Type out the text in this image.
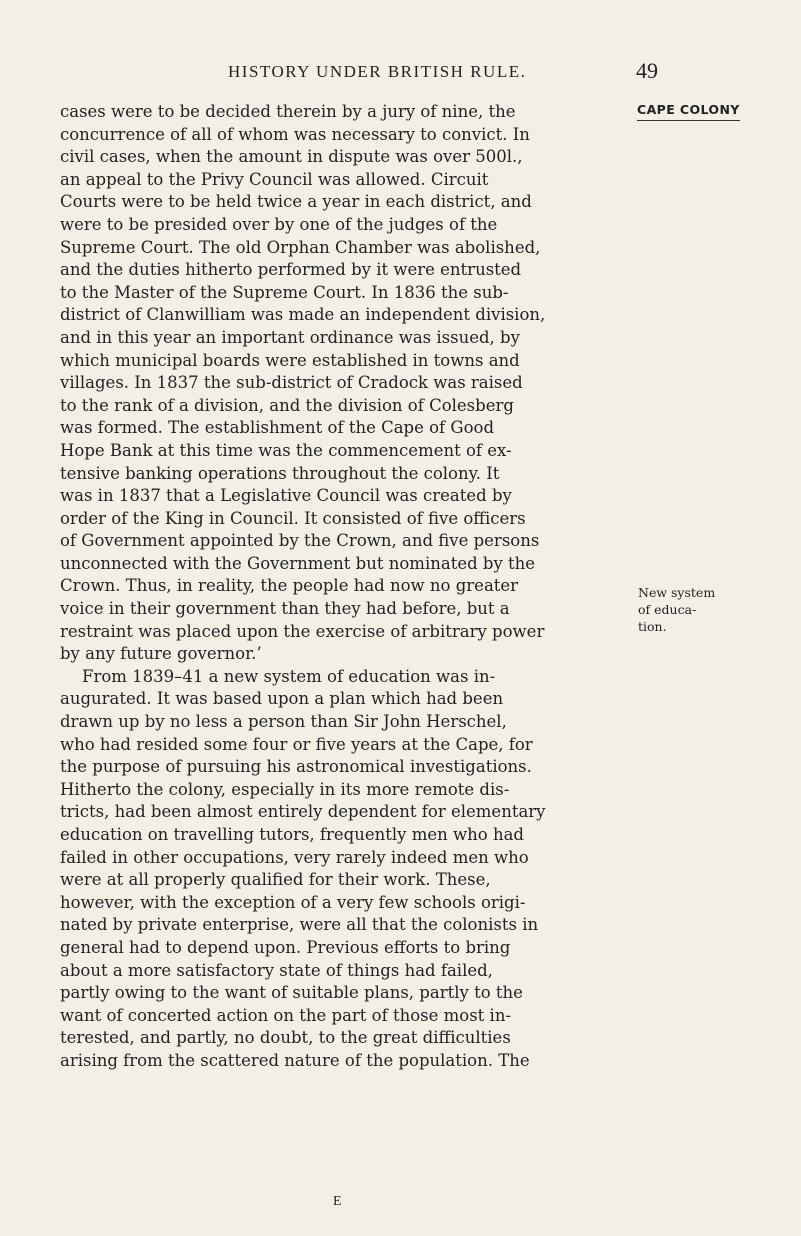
HISTORY UNDER BRITISH RULE.	49
CAPE COLONY
cases were to be decided therein by a jury of nine, the
concurrence of all of whom was necessary to convict. In
civil cases, when the amount in dispute was over 500l.,
an appeal to the Privy Council was allowed. Circuit
Courts were to be held twice a year in each district, and
were to be presided over by one of the judges of the
Supreme Court. The old Orphan Chamber was abolished,
and the duties hitherto performed by it were entrusted
to the Master of the Supreme Court. In 1836 the sub-
district of Clanwilliam was made an independent division,
and in this year an important ordinance was issued, by
which municipal boards were established in towns and
villages. In 1837 the sub-district of Cradock was raised
to the rank of a division, and the division of Colesberg
was formed. The establishment of the Cape of Good
Hope Bank at this time was the commencement of ex-
tensive banking operations throughout the colony. It
was in 1837 that a Legislative Council was created by
order of the King in Council. It consisted of five officers
of Government appointed by the Crown, and five persons
unconnected with the Government but nominated by the
Crown. Thus, in reality, the people had now no greater
voice in their government than they had before, but a
restraint was placed upon the exercise of arbitrary power
by any future governor.’
From 1839–41 a new system of education was in-
augurated. It was based upon a plan which had been
drawn up by no less a person than Sir John Herschel,
who had resided some four or five years at the Cape, for
the purpose of pursuing his astronomical investigations.
Hitherto the colony, especially in its more remote dis-
tricts, had been almost entirely dependent for elementary
education on travelling tutors, frequently men who had
failed in other occupations, very rarely indeed men who
were at all properly qualified for their work. These,
however, with the exception of a very few schools origi-
nated by private enterprise, were all that the colonists in
general had to depend upon. Previous efforts to bring
about a more satisfactory state of things had failed,
partly owing to the want of suitable plans, partly to the
want of concerted action on the part of those most in-
terested, and partly, no doubt, to the great difficulties
arising from the scattered nature of the population. The
New system
of educa-
tion.
E
